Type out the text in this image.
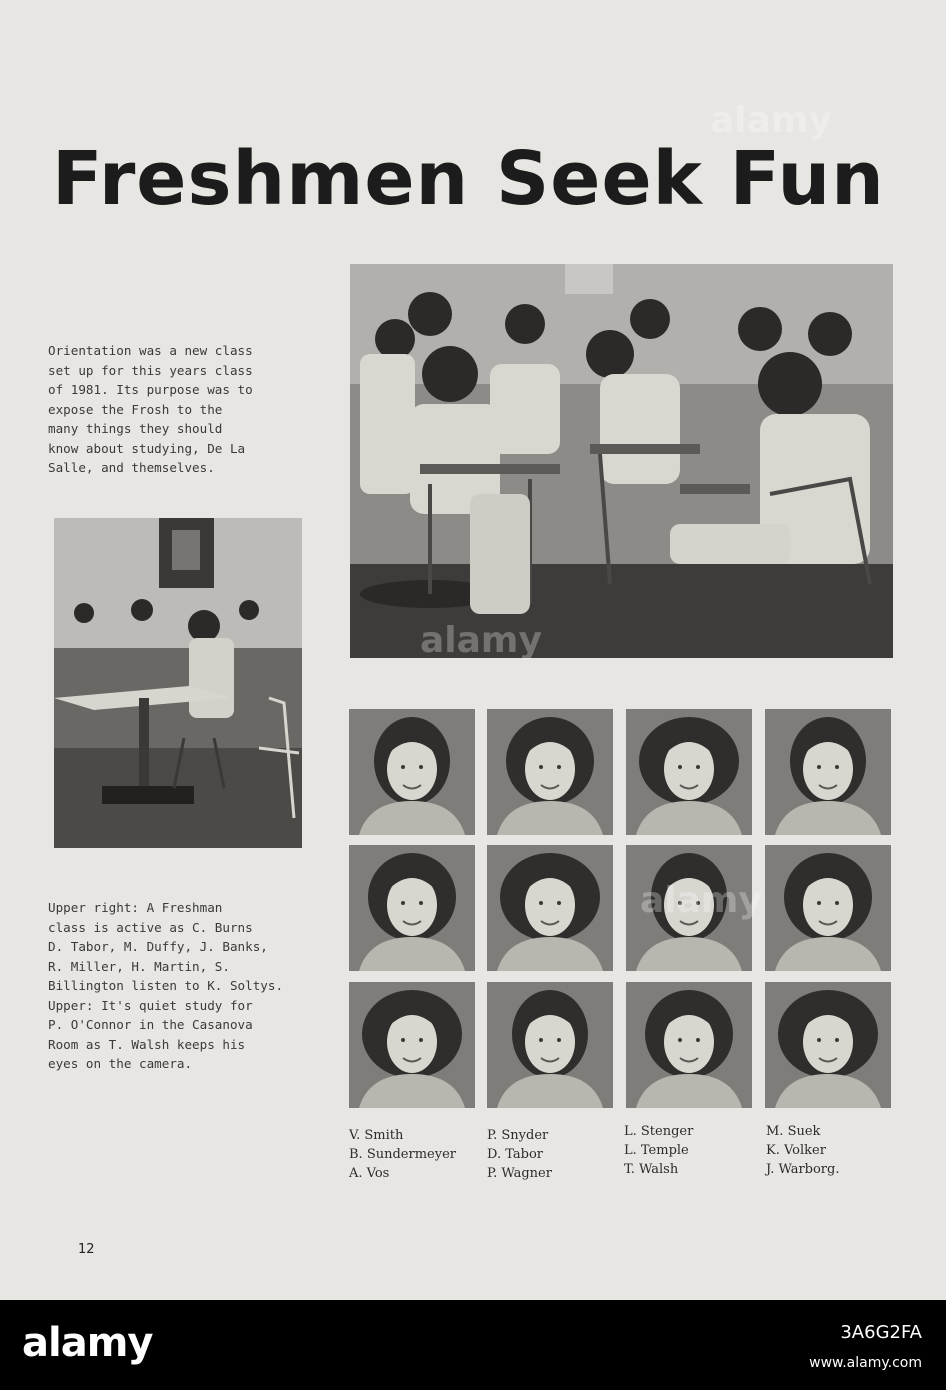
Freshmen Seek Fun

Orientation was a new class
set up for this years class
of 1981. Its purpose was to
expose the Frosh to the
many things they should
know about studying, De La
Salle, and themselves.

Upper right: A Freshman
class is active as C. Burns
D. Tabor, M. Duffy, J. Banks,
R. Miller, H. Martin, S.
Billington listen to K. Soltys.
Upper: It's quiet study for
P. O'Connor in the Casanova
Room as T. Walsh keeps his
eyes on the camera.

V. Smith
B. Sundermeyer
A. Vos

P. Snyder
D. Tabor
P. Wagner

L. Stenger
L. Temple
T. Walsh

M. Suek
K. Volker
J. Warborg.

12
alamy
alamy
alamy
alamy	3A6G2FA
www.alamy.com
